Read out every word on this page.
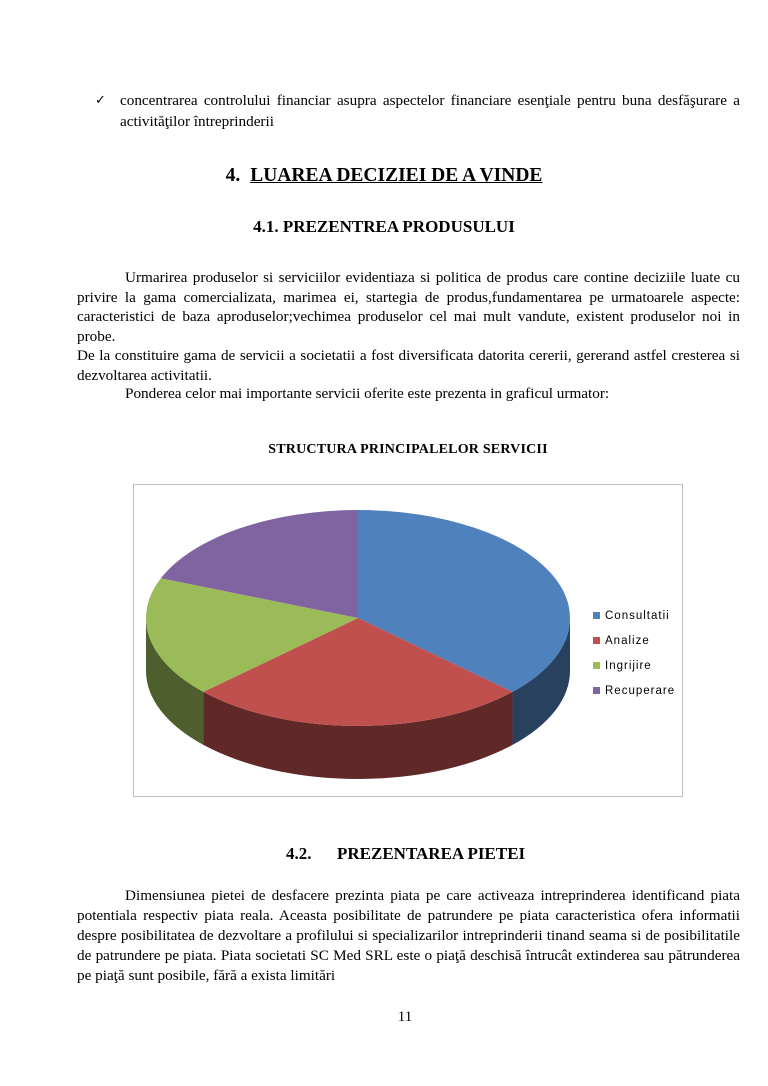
✓ concentrarea controlului financiar asupra aspectelor financiare esenţiale pentru buna desfăşurare a activităţilor întreprinderii
4. LUAREA DECIZIEI DE A VINDE
4.1. PREZENTREA PRODUSULUI
Urmarirea produselor si serviciilor evidentiaza si politica de produs care contine deciziile luate cu privire la gama comercializata, marimea ei, startegia de produs,fundamentarea pe urmatoarele aspecte: caracteristici de baza aproduselor;vechimea produselor cel mai mult vandute, existent produselor noi in probe.
De la constituire gama de servicii a societatii a fost diversificata datorita cererii, gererand astfel cresterea si dezvoltarea activitatii.
Ponderea celor mai importante servicii oferite este prezenta in graficul urmator:
STRUCTURA PRINCIPALELOR SERVICII
Consultatii
Analize
Ingrijire
Recuperare
4.2. PREZENTAREA PIETEI
Dimensiunea pietei de desfacere prezinta piata pe care activeaza intreprinderea identificand piata potentiala respectiv piata reala. Aceasta posibilitate de patrundere pe piata caracteristica ofera informatii despre posibilitatea de dezvoltare a profilului si specializarilor intreprinderii tinand seama si de posibilitatile de patrundere pe piata. Piata societati SC Med SRL este o piaţă deschisă întrucât extinderea sau pătrunderea pe piaţă sunt posibile, fără a exista limitări
11
